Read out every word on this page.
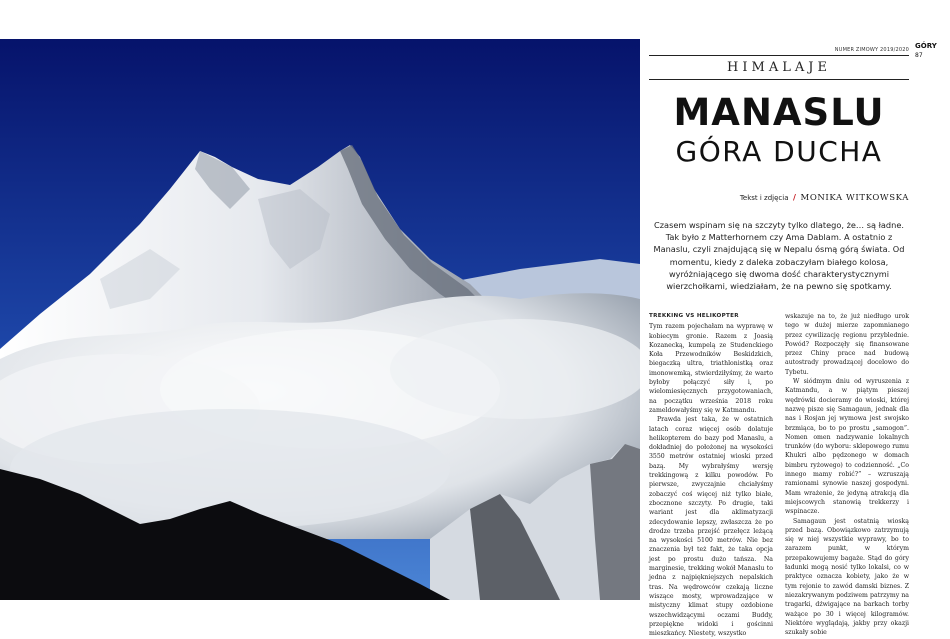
NUMER ZIMOWY 2019/2020
HIMALAJE
MANASLU
GÓRA DUCHA
Tekst i zdjęcia / MONIKA WITKOWSKA

Czasem wspinam się na szczyty tylko dlatego, że… są ładne. Tak było z Matterhornem czy Ama Dablam. A ostatnio z Manaslu, czyli znajdującą się w Nepalu ósmą górą świata. Od momentu, kiedy z daleka zobaczyłam białego kolosa, wyróżniającego się dwoma dość charakterystycznymi wierzchołkami, wiedziałam, że na pewno się spotkamy.

TREKKING VS HELIKOPTER

Tym razem pojechałam na wyprawę w kobiecym gronie. Razem z Joasią Kozanecką, kumpelą ze Studenckiego Koła Przewodników Beskidzkich, biegaczką ultra, triathlonistką oraz imonowemką, stwierdziłyśmy, że warto byłoby połączyć siły i, po wielomiesięcznych przygotowaniach, na początku września 2018 roku zameldowałyśmy się w Katmandu.

Prawda jest taka, że w ostatnich latach coraz więcej osób dolatuje helikopterem do bazy pod Manaslu, a dokładniej do położonej na wysokości 3550 metrów ostatniej wioski przed bazą. My wybrałyśmy wersję trekkingową z kilku powodów. Po pierwsze, zwyczajnie chciałyśmy zobaczyć coś więcej niż tylko białe, zbocznone szczyty. Po drugie, taki wariant jest dla aklimatyzacji zdecydowanie lepszy, zwłaszcza że po drodze trzeba przejść przełęcz leżącą na wysokości 5100 metrów. Nie bez znaczenia był też fakt, że taka opcja jest po prostu dużo tańsza. Na marginesie, trekking wokół Manaslu to jedna z najpiękniejszych nepalskich tras. Na wędrowców czekają liczne wiszące mosty, wprowadzające w mistyczny klimat stupy ozdobione wszechwidzącymi oczami Buddy, przepiękne widoki i gościnni mieszkańcy. Niestety, wszystko

wskazuje na to, że już niedługo urok tego w dużej mierze zapomnianego przez cywilizację regionu przyblednie. Powód? Rozpoczęły się finansowane przez Chiny prace nad budową autostrady prowadzącej docelowo do Tybetu.

W siódmym dniu od wyruszenia z Katmandu, a w piątym pieszej wędrówki docieramy do wioski, której nazwę pisze się Samagaun, jednak dla nas i Rosjan jej wymowa jest swojsko brzmiąca, bo to po prostu „samogon”. Nomen omen nadzywanie lokalnych trunków (do wyboru: sklepowego rumu Khukri albo pędzonego w domach bimbru ryżowego) to codzienność. „Co innego mamy robić?” – wzruszają ramionami synowie naszej gospodyni. Mam wrażenie, że jedyną atrakcją dla miejscowych stanowią trekkerzy i wspinacze.

Samagaun jest ostatnią wioską przed bazą. Obowiązkowo zatrzymują się w niej wszystkie wyprawy, bo to zarazem punkt, w którym przepakowujemy bagaże. Stąd do góry ładunki mogą nosić tylko lokalsi, co w praktyce oznacza kobiety, jako że w tym rejonie to zawód damski biznes. Z niezakrywanym podziwem patrzymy na tragarki, dźwigające na barkach torby ważące po 30 i więcej kilogramów. Niektóre wyglądają, jakby przy okazji szukały sobie

GÓRY
87
